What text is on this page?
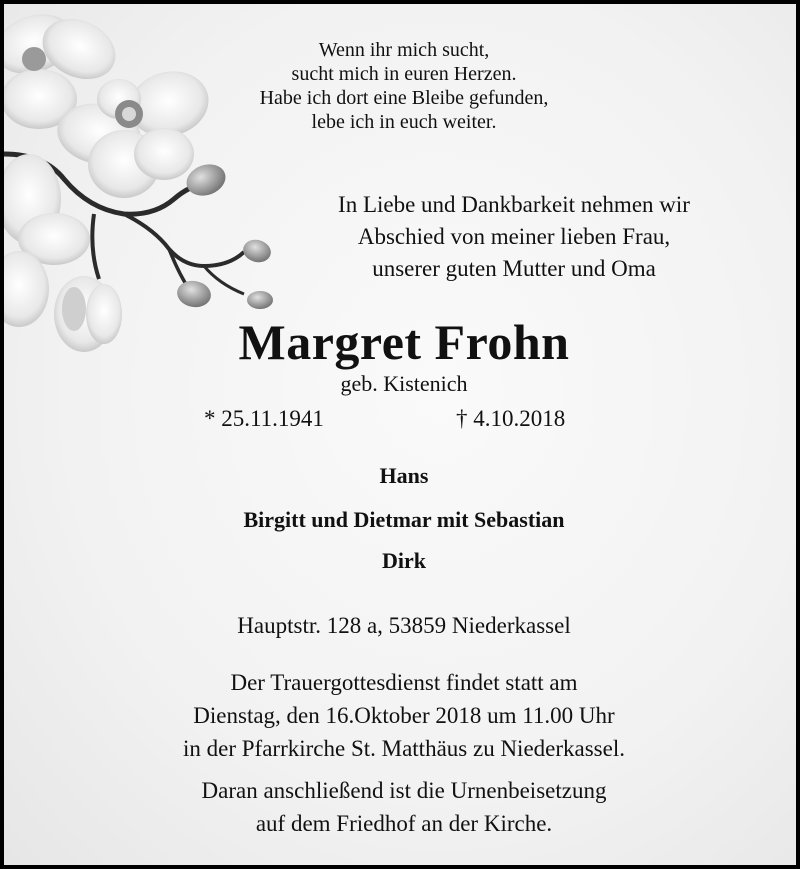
Wenn ihr mich sucht,
sucht mich in euren Herzen.
Habe ich dort eine Bleibe gefunden,
lebe ich in euch weiter.
In Liebe und Dankbarkeit nehmen wir
Abschied von meiner lieben Frau,
unserer guten Mutter und Oma
Margret Frohn
geb. Kistenich
* 25.11.1941	† 4.10.2018
Hans
Birgitt und Dietmar mit Sebastian
Dirk
Hauptstr. 128 a, 53859 Niederkassel
Der Trauergottesdienst findet statt am
Dienstag, den 16.Oktober 2018 um 11.00 Uhr
in der Pfarrkirche St. Matthäus zu Niederkassel.
Daran anschließend ist die Urnenbeisetzung
auf dem Friedhof an der Kirche.
